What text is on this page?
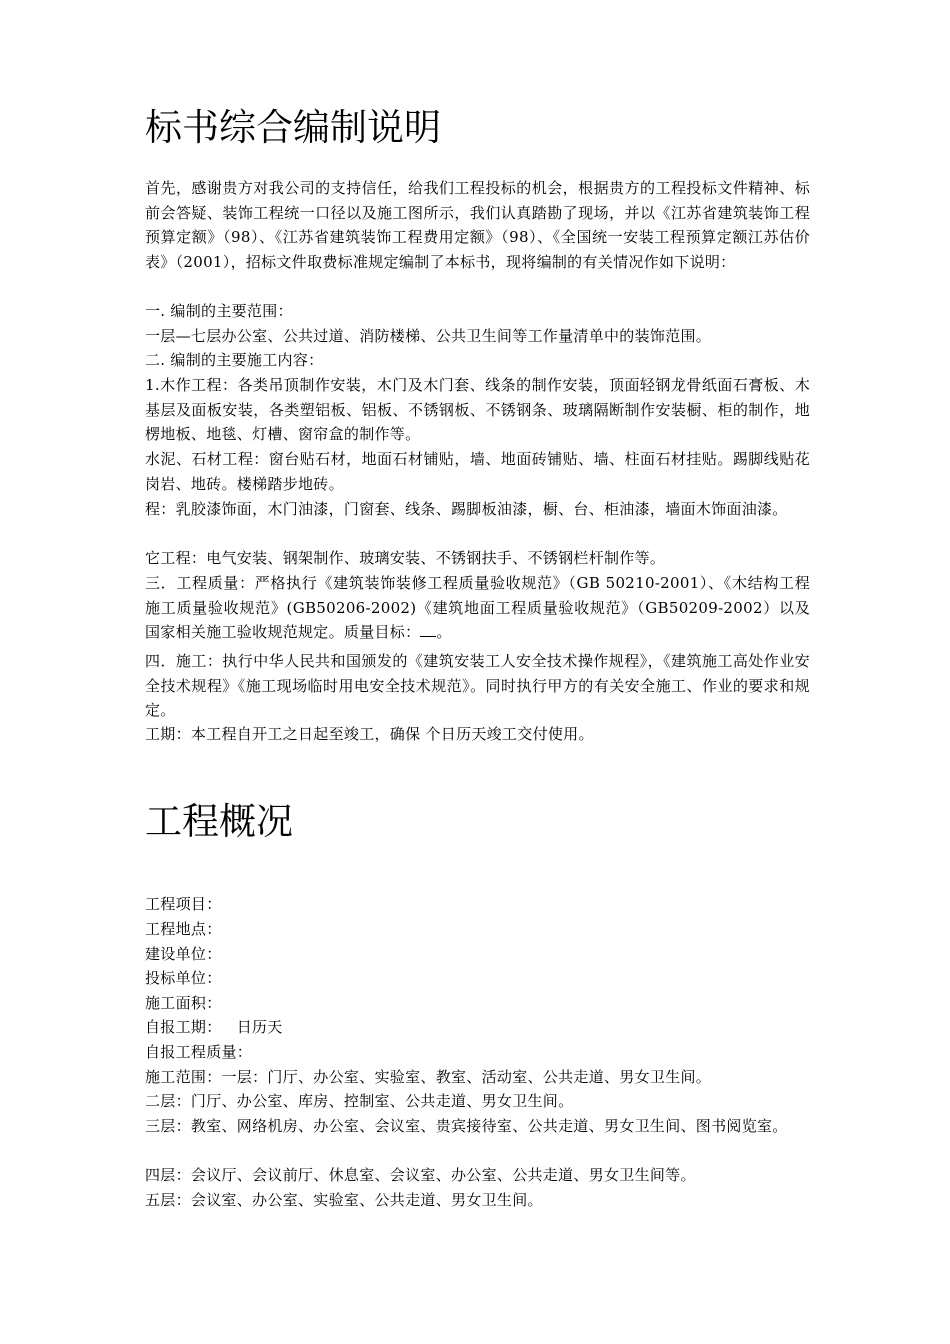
标书综合编制说明

首先，感谢贵方对我公司的支持信任，给我们工程投标的机会，根据贵方的工程投标文件精神、标前会答疑、装饰工程统一口径以及施工图所示，我们认真踏勘了现场，并以《江苏省建筑装饰工程预算定额》（98）、《江苏省建筑装饰工程费用定额》（98）、《全国统一安装工程预算定额江苏估价表》（2001），招标文件取费标准规定编制了本标书，现将编制的有关情况作如下说明：

一. 编制的主要范围：

一层—七层办公室、公共过道、消防楼梯、公共卫生间等工作量清单中的装饰范围。

二. 编制的主要施工内容：

1.木作工程：各类吊顶制作安装，木门及木门套、线条的制作安装，顶面轻钢龙骨纸面石膏板、木基层及面板安装，各类塑铝板、铝板、不锈钢板、不锈钢条、玻璃隔断制作安装橱、柜的制作，地楞地板、地毯、灯槽、窗帘盒的制作等。

水泥、石材工程：窗台贴石材，地面石材铺贴，墙、地面砖铺贴、墙、柱面石材挂贴。踢脚线贴花岗岩、地砖。楼梯踏步地砖。

程：乳胶漆饰面，木门油漆，门窗套、线条、踢脚板油漆，橱、台、柜油漆，墙面木饰面油漆。

它工程：电气安装、钢架制作、玻璃安装、不锈钢扶手、不锈钢栏杆制作等。

三．工程质量：严格执行《建筑装饰装修工程质量验收规范》（GB 50210-2001）、《木结构工程施工质量验收规范》(GB50206-2002)《建筑地面工程质量验收规范》（GB50209-2002）以及国家相关施工验收规范规定。质量目标： 。

四．施工：执行中华人民共和国颁发的《建筑安装工人安全技术操作规程》，《建筑施工高处作业安全技术规程》《施工现场临时用电安全技术规范》。同时执行甲方的有关安全施工、作业的要求和规定。

工期：本工程自开工之日起至竣工，确保 个日历天竣工交付使用。

工程概况

工程项目：

工程地点：

建设单位：

投标单位：

施工面积：

自报工期：   日历天

自报工程质量：

施工范围：一层：门厅、办公室、实验室、教室、活动室、公共走道、男女卫生间。

二层：门厅、办公室、库房、控制室、公共走道、男女卫生间。

三层：教室、网络机房、办公室、会议室、贵宾接待室、公共走道、男女卫生间、图书阅览室。

四层：会议厅、会议前厅、休息室、会议室、办公室、公共走道、男女卫生间等。

五层：会议室、办公室、实验室、公共走道、男女卫生间。
